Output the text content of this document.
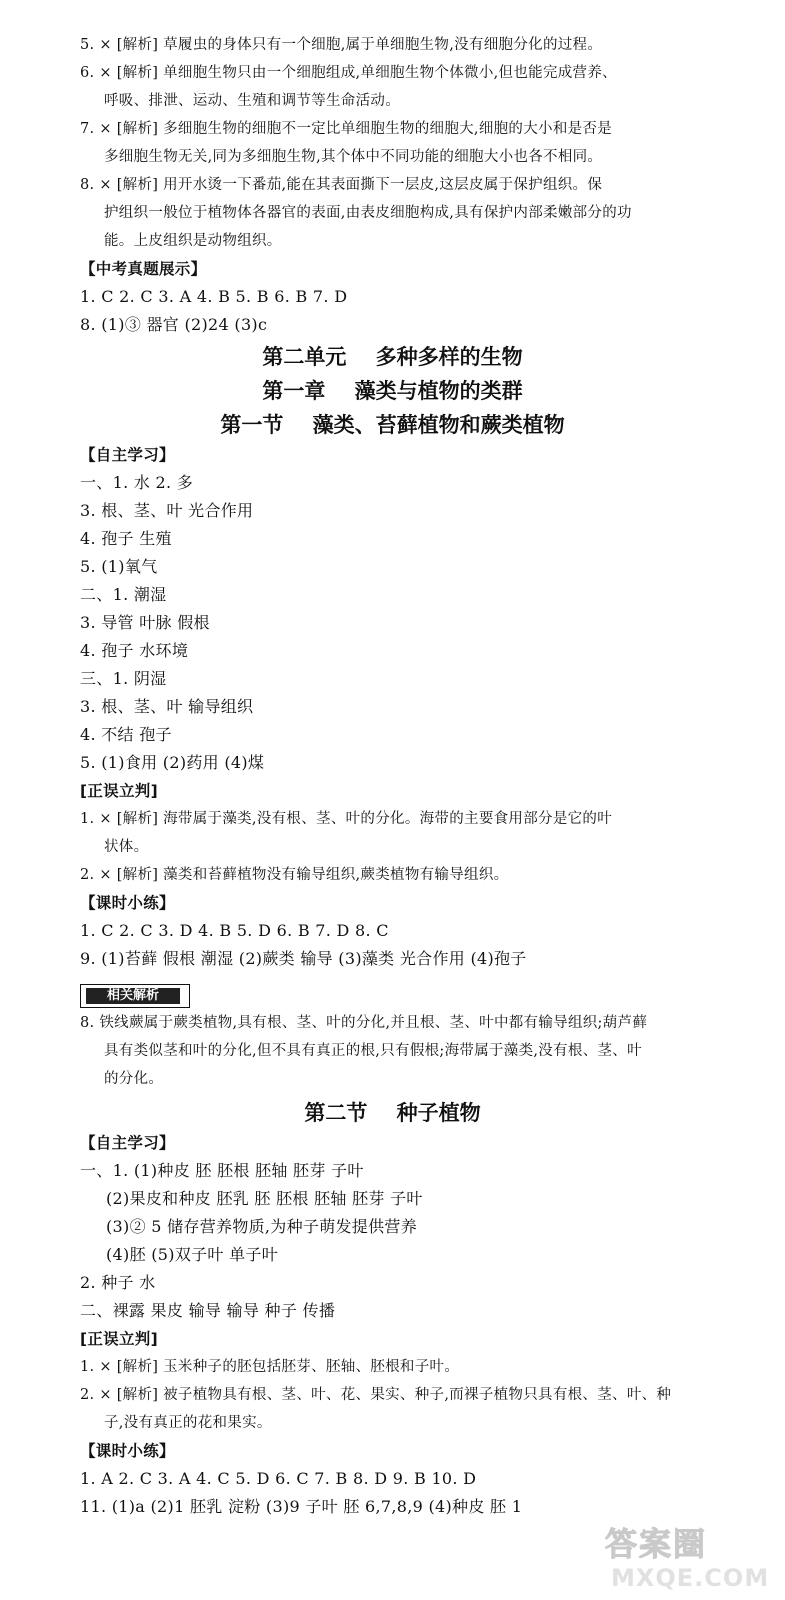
5. × [解析] 草履虫的身体只有一个细胞,属于单细胞生物,没有细胞分化的过程。
6. × [解析] 单细胞生物只由一个细胞组成,单细胞生物个体微小,但也能完成营养、
呼吸、排泄、运动、生殖和调节等生命活动。
7. × [解析] 多细胞生物的细胞不一定比单细胞生物的细胞大,细胞的大小和是否是
多细胞生物无关,同为多细胞生物,其个体中不同功能的细胞大小也各不相同。
8. × [解析] 用开水烫一下番茄,能在其表面撕下一层皮,这层皮属于保护组织。保
护组织一般位于植物体各器官的表面,由表皮细胞构成,具有保护内部柔嫩部分的功
能。上皮组织是动物组织。
【中考真题展示】
1. C 2. C 3. A 4. B 5. B 6. B 7. D
8. (1)③ 器官 (2)24 (3)c
第二单元    多种多样的生物
第一章    藻类与植物的类群
第一节    藻类、苔藓植物和蕨类植物
【自主学习】
一、1. 水 2. 多
3. 根、茎、叶 光合作用
4. 孢子 生殖
5. (1)氧气
二、1. 潮湿
3. 导管 叶脉 假根
4. 孢子 水环境
三、1. 阴湿
3. 根、茎、叶 输导组织
4. 不结 孢子
5. (1)食用 (2)药用 (4)煤
[正误立判]
1. × [解析] 海带属于藻类,没有根、茎、叶的分化。海带的主要食用部分是它的叶
状体。
2. × [解析] 藻类和苔藓植物没有输导组织,蕨类植物有输导组织。
【课时小练】
1. C 2. C 3. D 4. B 5. D 6. B 7. D 8. C
9. (1)苔藓 假根 潮湿 (2)蕨类 输导 (3)藻类 光合作用 (4)孢子
相关解析
8. 铁线蕨属于蕨类植物,具有根、茎、叶的分化,并且根、茎、叶中都有输导组织;葫芦藓
具有类似茎和叶的分化,但不具有真正的根,只有假根;海带属于藻类,没有根、茎、叶
的分化。
第二节    种子植物
【自主学习】
一、1. (1)种皮 胚 胚根 胚轴 胚芽 子叶
(2)果皮和种皮 胚乳 胚 胚根 胚轴 胚芽 子叶
(3)② 5 储存营养物质,为种子萌发提供营养
(4)胚 (5)双子叶 单子叶
2. 种子 水
二、裸露 果皮 输导 输导 种子 传播
[正误立判]
1. × [解析] 玉米种子的胚包括胚芽、胚轴、胚根和子叶。
2. × [解析] 被子植物具有根、茎、叶、花、果实、种子,而裸子植物只具有根、茎、叶、种
子,没有真正的花和果实。
【课时小练】
1. A 2. C 3. A 4. C 5. D 6. C 7. B 8. D 9. B 10. D
11. (1)a (2)1 胚乳 淀粉 (3)9 子叶 胚 6,7,8,9 (4)种皮 胚 1
答案圈
MXQE.COM
